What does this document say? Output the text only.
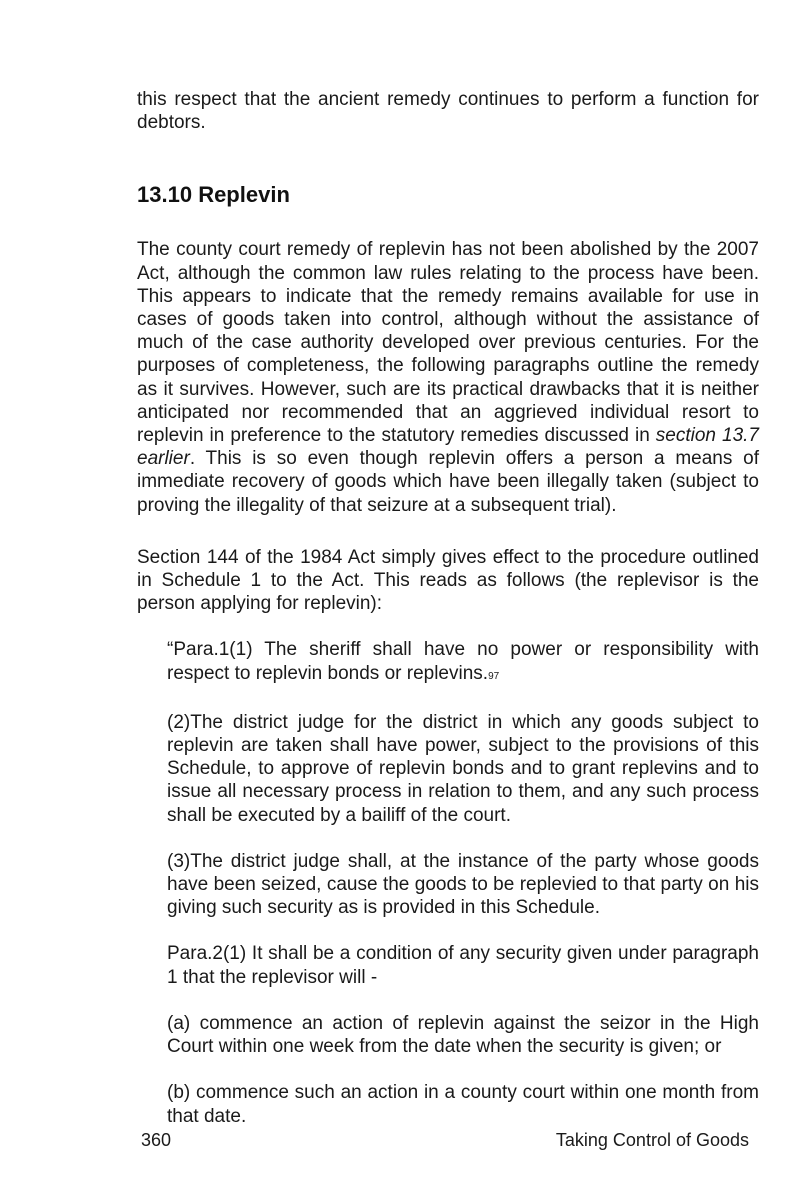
this respect that the ancient remedy continues to perform a function for debtors.

13.10 Replevin

The county court remedy of replevin has not been abolished by the 2007 Act, although the common law rules relating to the process have been. This appears to indicate that the remedy remains available for use in cases of goods taken into control, although without the assistance of much of the case authority developed over previous centuries. For the purposes of completeness, the following paragraphs outline the remedy as it survives. However, such are its practical drawbacks that it is neither anticipated nor recommended that an aggrieved individual resort to replevin in preference to the statutory remedies discussed in section 13.7 earlier. This is so even though replevin offers a person a means of immediate recovery of goods which have been illegally taken (subject to proving the illegality of that seizure at a subsequent trial).

Section 144 of the 1984 Act simply gives effect to the procedure outlined in Schedule 1 to the Act. This reads as follows (the replevisor is the person applying for replevin):

“Para.1(1) The sheriff shall have no power or responsibility with respect to replevin bonds or replevins.97

(2)The district judge for the district in which any goods subject to replevin are taken shall have power, subject to the provisions of this Schedule, to approve of replevin bonds and to grant replevins and to issue all necessary process in relation to them, and any such process shall be executed by a bailiff of the court.

(3)The district judge shall, at the instance of the party whose goods have been seized, cause the goods to be replevied to that party on his giving such security as is provided in this Schedule.

Para.2(1) It shall be a condition of any security given under paragraph 1 that the replevisor will -

(a) commence an action of replevin against the seizor in the High Court within one week from the date when the security is given; or

(b) commence such an action in a county court within one month from that date.

360	Taking Control of Goods
